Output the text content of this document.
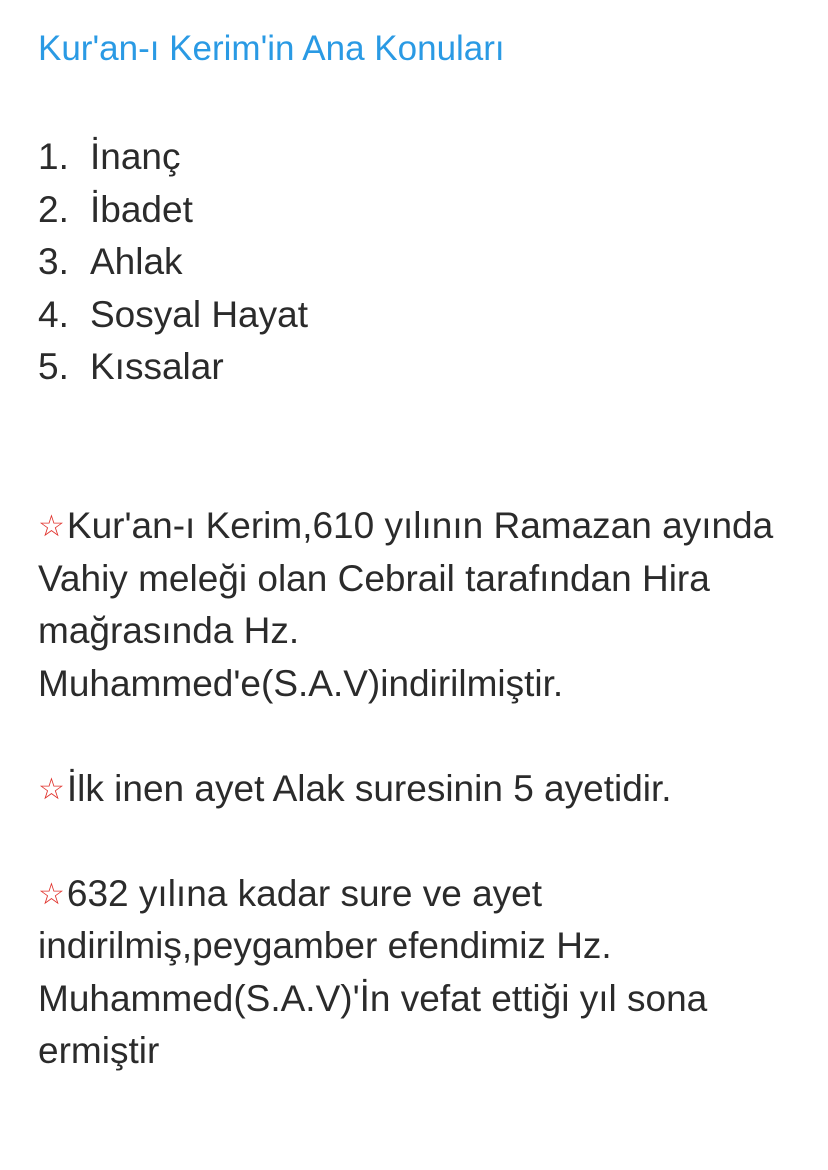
Kur'an-ı Kerim'in Ana Konuları
1. İnanç
2. İbadet
3. Ahlak
4. Sosyal Hayat
5. Kıssalar

☆Kur'an-ı Kerim,610 yılının Ramazan ayında Vahiy meleği olan Cebrail tarafından Hira mağrasında Hz. Muhammed'e(S.A.V)indirilmiştir.

☆İlk inen ayet Alak suresinin 5 ayetidir.

☆632 yılına kadar sure ve ayet indirilmiş,peygamber efendimiz Hz. Muhammed(S.A.V)'İn vefat ettiği yıl sona ermiştir
